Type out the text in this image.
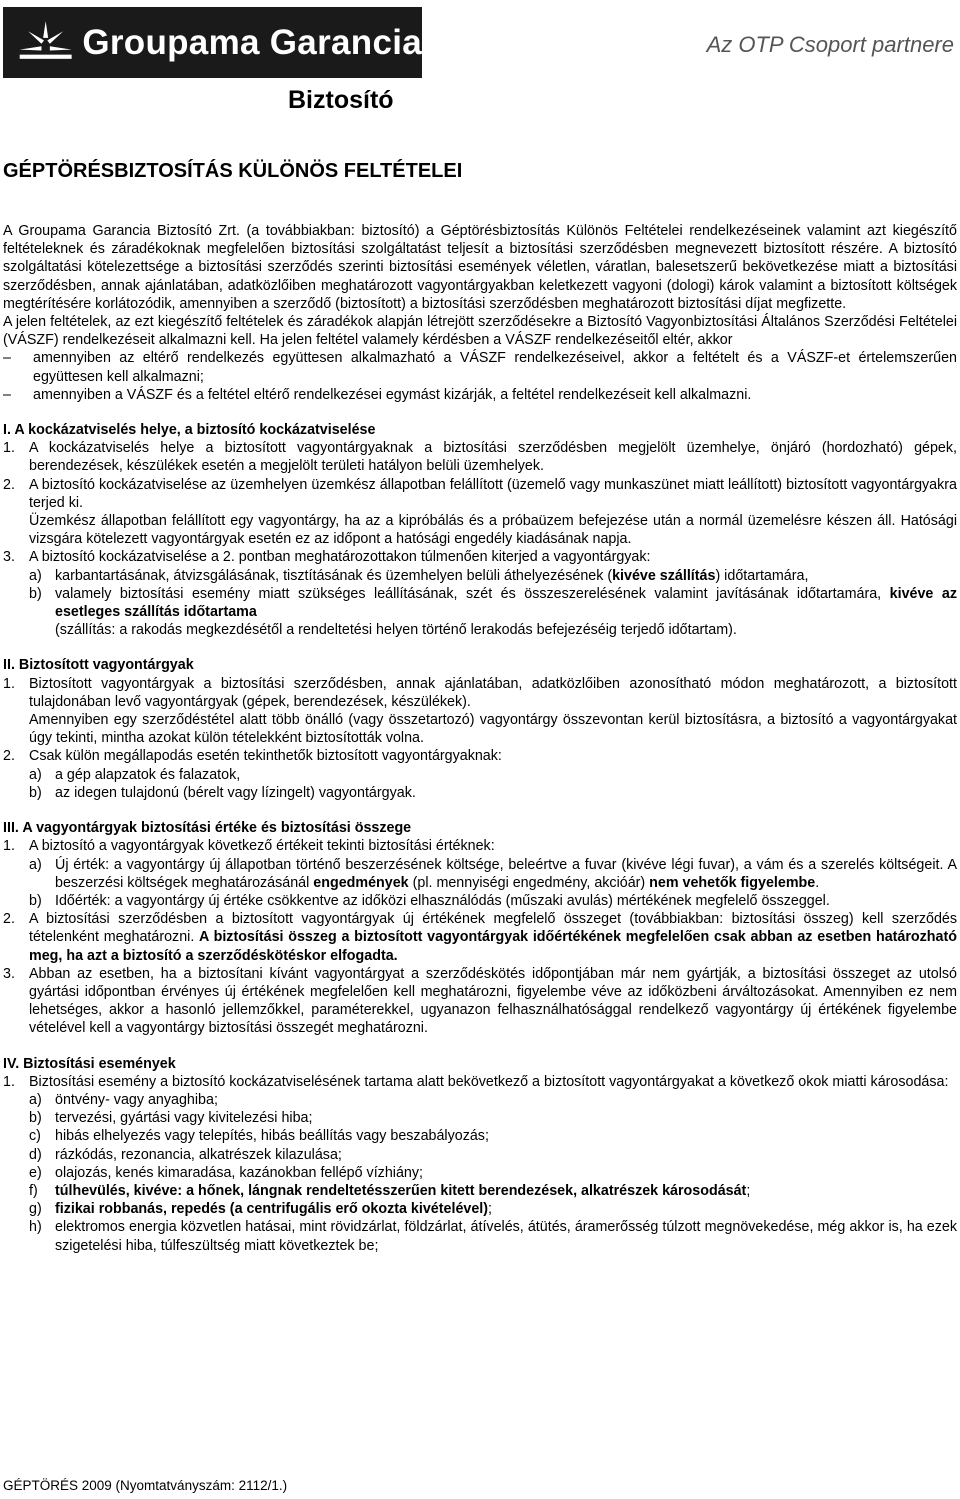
Groupama Garancia	Az OTP Csoport partnere
Biztosító
GÉPTÖRÉSBIZTOSÍTÁS KÜLÖNÖS FELTÉTELEI

A Groupama Garancia Biztosító Zrt. (a továbbiakban: biztosító) a Géptörésbiztosítás Különös Feltételei rendelkezéseinek valamint azt kiegészítő feltételeknek és záradékoknak megfelelően biztosítási szolgáltatást teljesít a biztosítási szerződésben megnevezett biztosított részére. A biztosító szolgáltatási kötelezettsége a biztosítási szerződés szerinti biztosítási események véletlen, váratlan, balesetszerű bekövetkezése miatt a biztosítási szerződésben, annak ajánlatában, adatközlőiben meghatározott vagyontárgyakban keletkezett vagyoni (dologi) károk valamint a biztosított költségek megtérítésére korlátozódik, amennyiben a szerződő (biztosított) a biztosítási szerződésben meghatározott biztosítási díjat megfizette.

A jelen feltételek, az ezt kiegészítő feltételek és záradékok alapján létrejött szerződésekre a Biztosító Vagyonbiztosítási Általános Szerződési Feltételei (VÁSZF) rendelkezéseit alkalmazni kell. Ha jelen feltétel valamely kérdésben a VÁSZF rendelkezéseitől eltér, akkor

–	amennyiben az eltérő rendelkezés együttesen alkalmazható a VÁSZF rendelkezéseivel, akkor a feltételt és a VÁSZF-et értelemszerűen együttesen kell alkalmazni;
–	amennyiben a VÁSZF és a feltétel eltérő rendelkezései egymást kizárják, a feltétel rendelkezéseit kell alkalmazni.
I. A kockázatviselés helye, a biztosító kockázatviselése
1. A kockázatviselés helye a biztosított vagyontárgyaknak a biztosítási szerződésben megjelölt üzemhelye, önjáró (hordozható) gépek, berendezések, készülékek esetén a megjelölt területi hatályon belüli üzemhelyek.
2. A biztosító kockázatviselése az üzemhelyen üzemkész állapotban felállított (üzemelő vagy munkaszünet miatt leállított) biztosított vagyontárgyakra terjed ki.

Üzemkész állapotban felállított egy vagyontárgy, ha az a kipróbálás és a próbaüzem befejezése után a normál üzemelésre készen áll. Hatósági vizsgára kötelezett vagyontárgyak esetén ez az időpont a hatósági engedély kiadásának napja.

3. A biztosító kockázatviselése a 2. pontban meghatározottakon túlmenően kiterjed a vagyontárgyak:

a) karbantartásának, átvizsgálásának, tisztításának és üzemhelyen belüli áthelyezésének (kivéve szállítás) időtartamára,
b) valamely biztosítási esemény miatt szükséges leállításának, szét és összeszerelésének valamint javításának időtartamára, kivéve az esetleges szállítás időtartama
(szállítás: a rakodás megkezdésétől a rendeltetési helyen történő lerakodás befejezéséig terjedő időtartam).
II. Biztosított vagyontárgyak
1. Biztosított vagyontárgyak a biztosítási szerződésben, annak ajánlatában, adatközlőiben azonosítható módon meghatározott, a biztosított tulajdonában levő vagyontárgyak (gépek, berendezések, készülékek).

Amennyiben egy szerződéstétel alatt több önálló (vagy összetartozó) vagyontárgy összevontan kerül biztosításra, a biztosító a vagyontárgyakat úgy tekinti, mintha azokat külön tételekként biztosították volna.

2. Csak külön megállapodás esetén tekinthetők biztosított vagyontárgyaknak:

a) a gép alapzatok és falazatok,
b) az idegen tulajdonú (bérelt vagy lízingelt) vagyontárgyak.
III. A vagyontárgyak biztosítási értéke és biztosítási összege
1. A biztosító a vagyontárgyak következő értékeit tekinti biztosítási értéknek:

a) Új érték: a vagyontárgy új állapotban történő beszerzésének költsége, beleértve a fuvar (kivéve légi fuvar), a vám és a szerelés költségeit. A beszerzési költségek meghatározásánál engedmények (pl. mennyiségi engedmény, akcióár) nem vehetők figyelembe.
b) Időérték: a vagyontárgy új értéke csökkentve az időközi elhasználódás (műszaki avulás) mértékének megfelelő összeggel.
2. A biztosítási szerződésben a biztosított vagyontárgyak új értékének megfelelő összeget (továbbiakban: biztosítási összeg) kell szerződés tételenként meghatározni. A biztosítási összeg a biztosított vagyontárgyak időértékének megfelelően csak abban az esetben határozható meg, ha azt a biztosító a szerződéskötéskor elfogadta.
3. Abban az esetben, ha a biztosítani kívánt vagyontárgyat a szerződéskötés időpontjában már nem gyártják, a biztosítási összeget az utolsó gyártási időpontban érvényes új értékének megfelelően kell meghatározni, figyelembe véve az időközbeni árváltozásokat. Amennyiben ez nem lehetséges, akkor a hasonló jellemzőkkel, paraméterekkel, ugyanazon felhasználhatósággal rendelkező vagyontárgy új értékének figyelembe vételével kell a vagyontárgy biztosítási összegét meghatározni.
IV. Biztosítási események
1. Biztosítási esemény a biztosító kockázatviselésének tartama alatt bekövetkező a biztosított vagyontárgyakat a következő okok miatti károsodása:

a) öntvény- vagy anyaghiba;
b) tervezési, gyártási vagy kivitelezési hiba;
c) hibás elhelyezés vagy telepítés, hibás beállítás vagy beszabályozás;
d) rázkódás, rezonancia, alkatrészek kilazulása;
e) olajozás, kenés kimaradása, kazánokban fellépő vízhiány;
f)	túlhevülés, kivéve: a hőnek, lángnak rendeltetésszerűen kitett berendezések, alkatrészek károsodását;
g) fizikai robbanás, repedés (a centrifugális erő okozta kivételével);
h) elektromos energia közvetlen hatásai, mint rövidzárlat, földzárlat, átívelés, átütés, áramerősség túlzott megnövekedése, még akkor is, ha ezek szigetelési hiba, túlfeszültség miatt következtek be;
GÉPTÖRÉS 2009 (Nyomtatványszám: 2112/1.)
